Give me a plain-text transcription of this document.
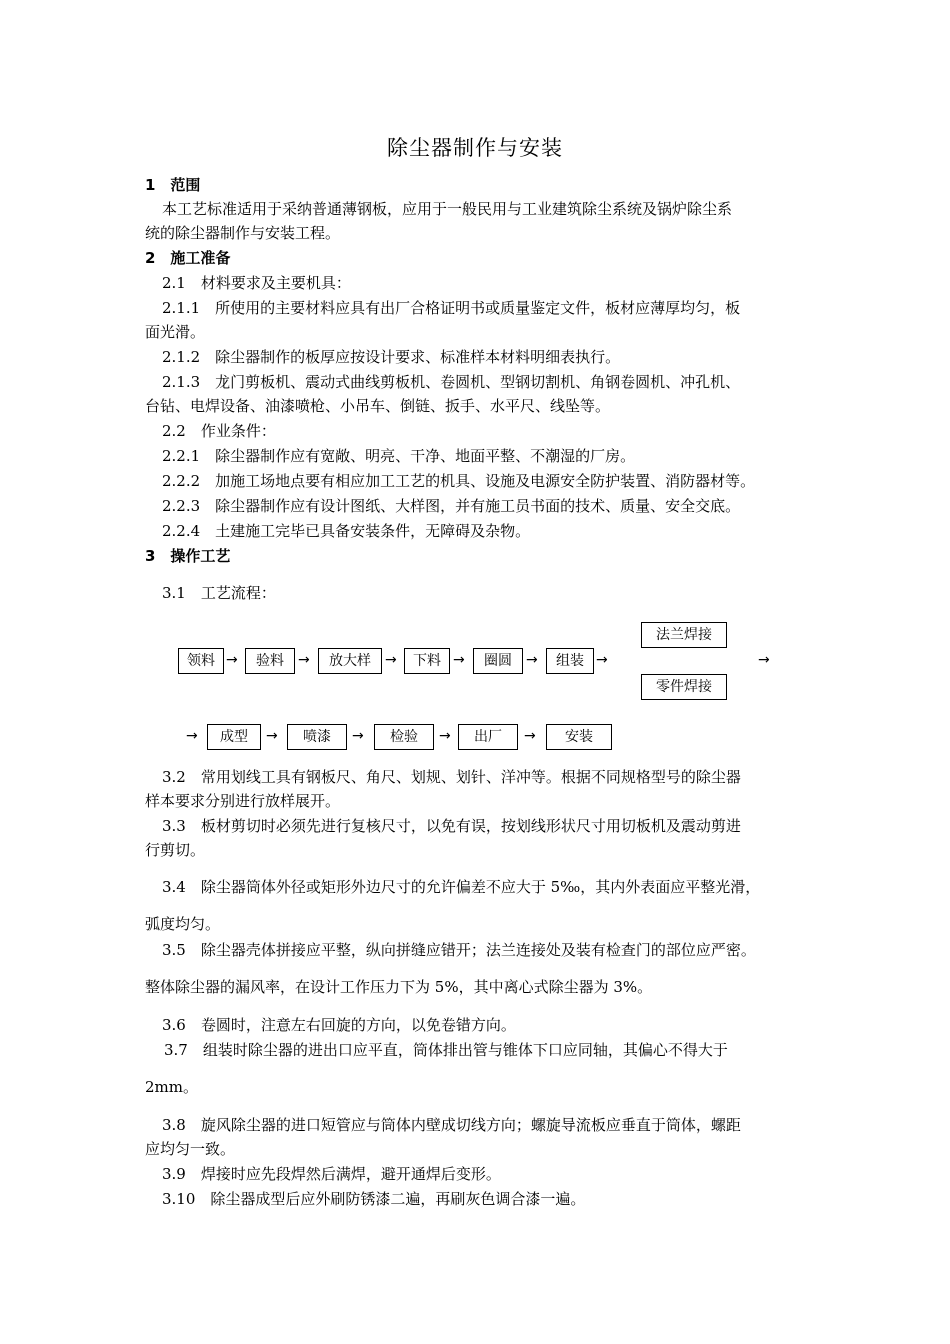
除尘器制作与安装
1　范围
本工艺标准适用于采纳普通薄钢板，应用于一般民用与工业建筑除尘系统及锅炉除尘系
统的除尘器制作与安装工程。
2　施工准备
2.1　材料要求及主要机具：
2.1.1　所使用的主要材料应具有出厂合格证明书或质量鉴定文件，板材应薄厚均匀，板
面光滑。
2.1.2　除尘器制作的板厚应按设计要求、标准样本材料明细表执行。
2.1.3　龙门剪板机、震动式曲线剪板机、卷圆机、型钢切割机、角钢卷圆机、冲孔机、
台钻、电焊设备、油漆喷枪、小吊车、倒链、扳手、水平尺、线坠等。
2.2　作业条件：
2.2.1　除尘器制作应有宽敞、明亮、干净、地面平整、不潮湿的厂房。
2.2.2　加施工场地点要有相应加工工艺的机具、设施及电源安全防护装置、消防器材等。
2.2.3　除尘器制作应有设计图纸、大样图，并有施工员书面的技术、质量、安全交底。
2.2.4　土建施工完毕已具备安装条件，无障碍及杂物。
3　操作工艺
3.1　工艺流程：
领料 →	验料	→	放大样	→	下料 →	圈圆	→	组装 →
法兰焊接
零件焊接
→
→	成型	→	喷漆	→	检验	→	出厂	→	安装
3.2　常用划线工具有钢板尺、角尺、划规、划针、洋冲等。根据不同规格型号的除尘器
样本要求分别进行放样展开。
3.3　板材剪切时必须先进行复核尺寸，以免有误，按划线形状尺寸用切板机及震动剪进
行剪切。
3.4　除尘器筒体外径或矩形外边尺寸的允许偏差不应大于 5‰，其内外表面应平整光滑，
弧度均匀。
3.5　除尘器壳体拼接应平整，纵向拼缝应错开；法兰连接处及装有检查门的部位应严密。
整体除尘器的漏风率，在设计工作压力下为 5%，其中离心式除尘器为 3%。
3.6　卷圆时，注意左右回旋的方向，以免卷错方向。
3.7　组装时除尘器的进出口应平直，筒体排出管与锥体下口应同轴，其偏心不得大于
2mm。
3.8　旋风除尘器的进口短管应与筒体内壁成切线方向；螺旋导流板应垂直于筒体，螺距
应均匀一致。
3.9　焊接时应先段焊然后满焊，避开通焊后变形。
3.10　除尘器成型后应外刷防锈漆二遍，再刷灰色调合漆一遍。
